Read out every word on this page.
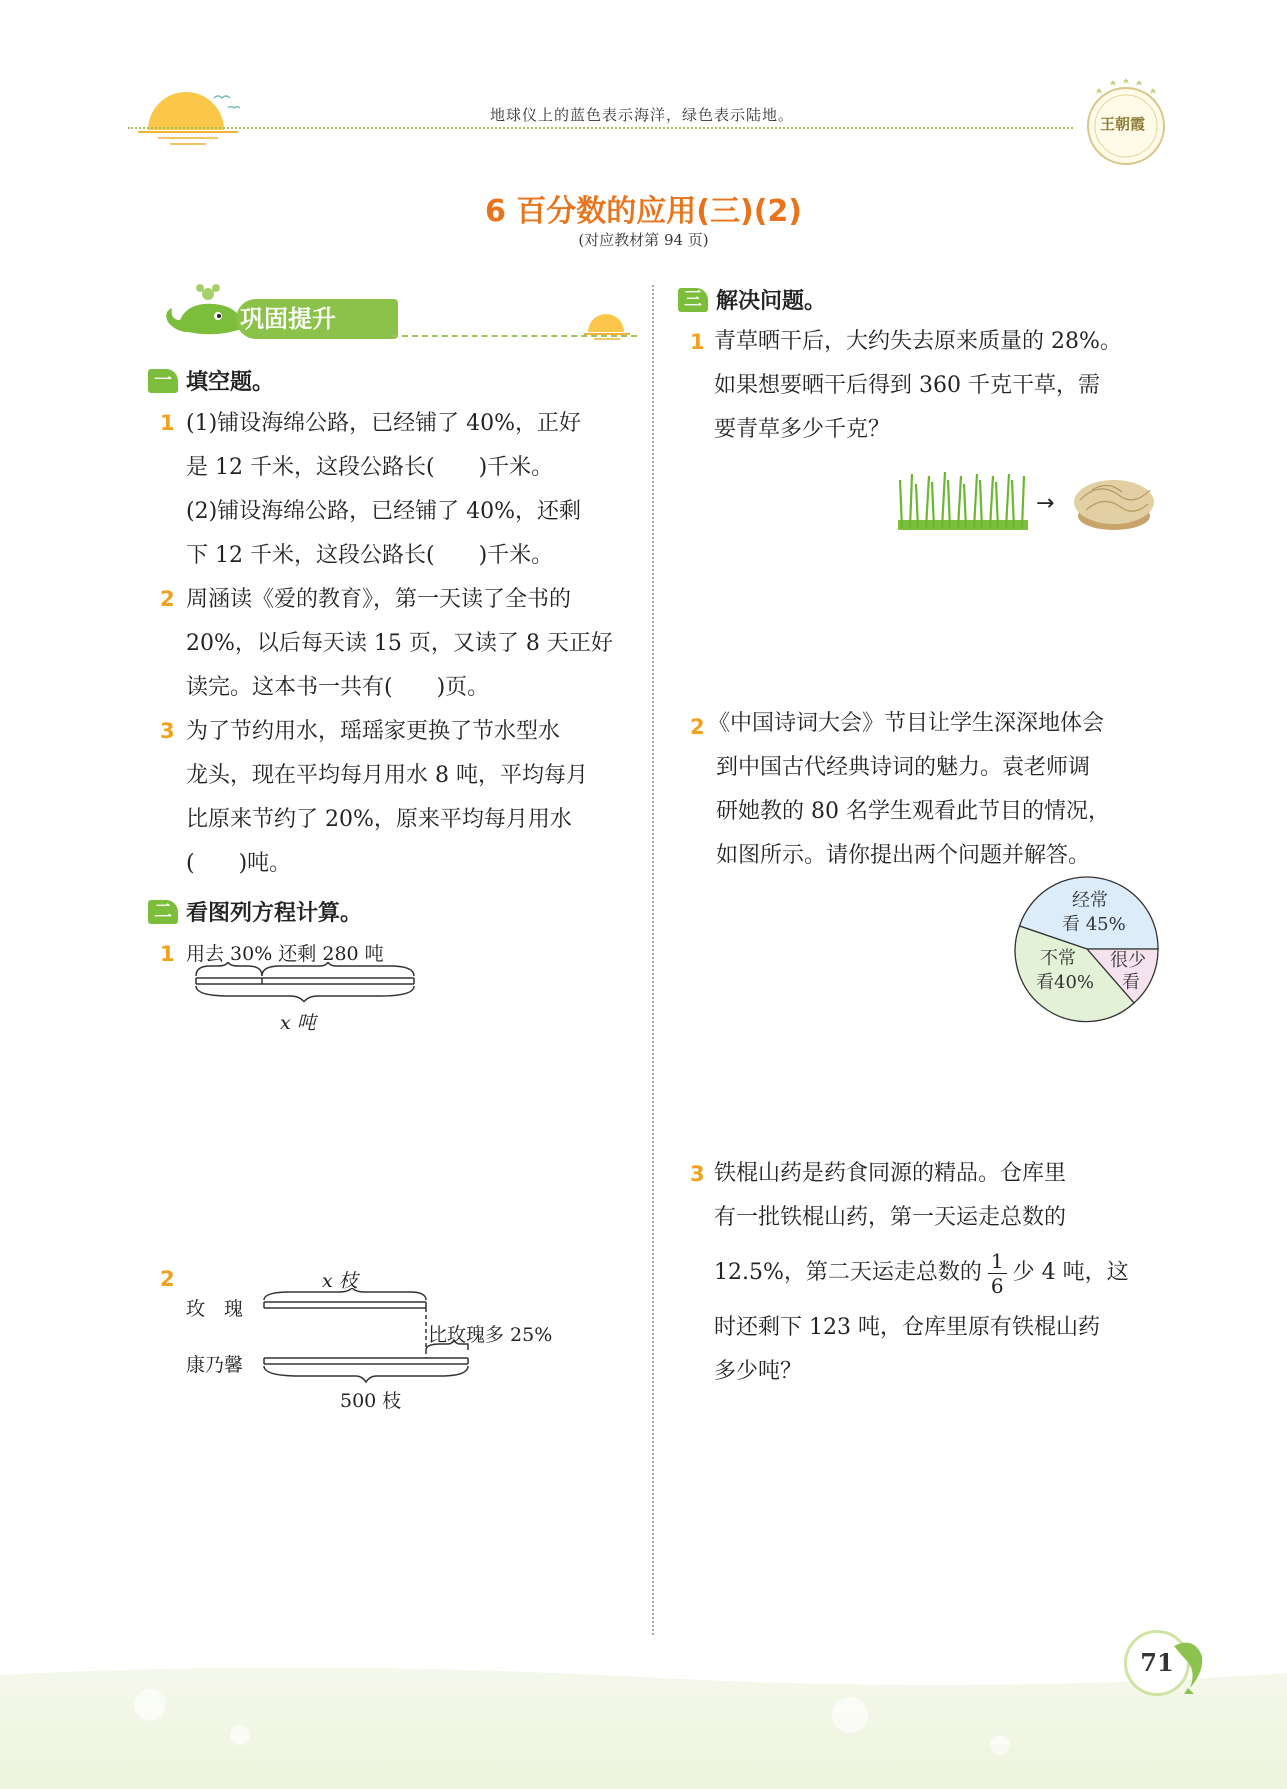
地球仪上的蓝色表示海洋，绿色表示陆地。	王朝霞
6 百分数的应用(三)(2)
(对应教材第 94 页)
巩固提升
一 填空题。
1 (1)铺设海绵公路，已经铺了 40%，正好
是 12 千米，这段公路长(　　)千米。
(2)铺设海绵公路，已经铺了 40%，还剩
下 12 千米，这段公路长(　　)千米。
2 周涵读《爱的教育》，第一天读了全书的
20%，以后每天读 15 页，又读了 8 天正好
读完。这本书一共有(　　)页。
3 为了节约用水，瑶瑶家更换了节水型水
龙头，现在平均每月用水 8 吨，平均每月
比原来节约了 20%，原来平均每月用水
(　　)吨。
二 看图列方程计算。
1 用去 30% 还剩 280 吨
x 吨
2	x 枝
玫　瑰
康乃馨
比玫瑰多 25%
500 枝
三 解决问题。
1 青草晒干后，大约失去原来质量的 28%。
如果想要晒干后得到 360 千克干草，需
要青草多少千克？
→
2 《中国诗词大会》节目让学生深深地体会
到中国古代经典诗词的魅力。袁老师调
研她教的 80 名学生观看此节目的情况，
如图所示。请你提出两个问题并解答。
经常
看 45%
不常
看40%
很少
看
3 铁棍山药是药食同源的精品。仓库里
有一批铁棍山药，第一天运走总数的
12.5%，第二天运走总数的 $\frac{1}{6}$ 少 4 吨，这
时还剩下 123 吨，仓库里原有铁棍山药
多少吨？
71
